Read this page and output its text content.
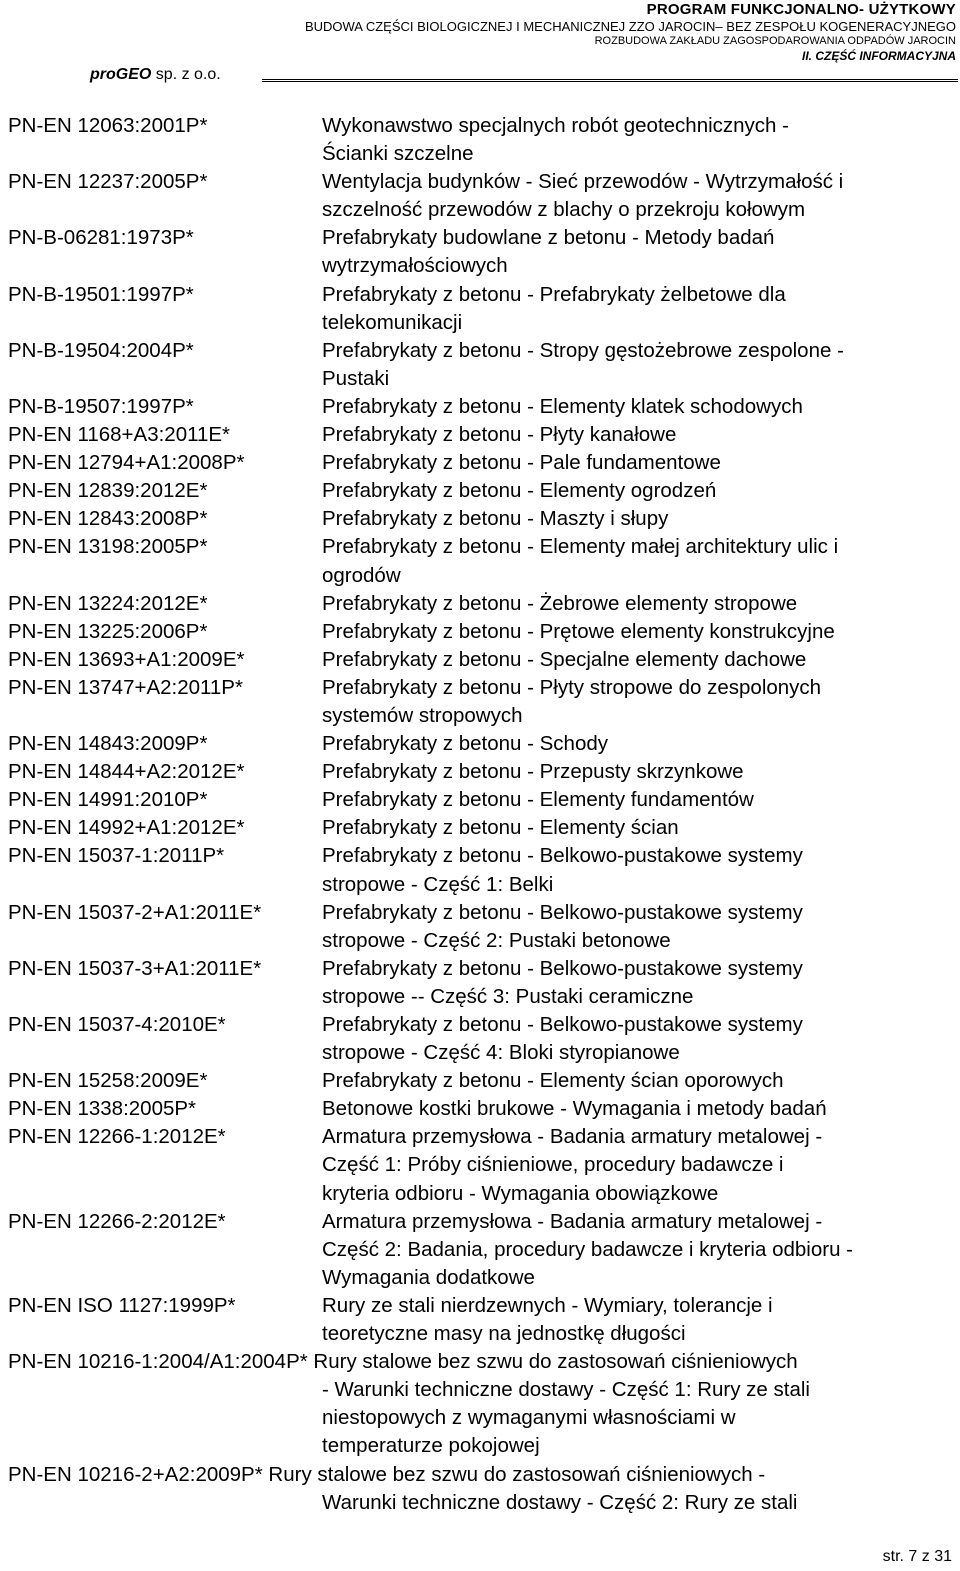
PROGRAM FUNKCJONALNO- UŻYTKOWY
BUDOWA CZĘŚCI BIOLOGICZNEJ I MECHANICZNEJ ZZO JAROCIN– BEZ ZESPOŁU KOGENERACYJNEGO
ROZBUDOWA ZAKŁADU ZAGOSPODAROWANIA ODPADÓW JAROCIN
II. CZĘŚĆ INFORMACYJNA
proGEO sp. z o.o.
PN-EN 12063:2001P*	Wykonawstwo specjalnych robót geotechnicznych -
Ścianki szczelne
PN-EN 12237:2005P*	Wentylacja budynków - Sieć przewodów - Wytrzymałość i
szczelność przewodów z blachy o przekroju kołowym
PN-B-06281:1973P*	Prefabrykaty budowlane z betonu - Metody badań
wytrzymałościowych
PN-B-19501:1997P*	Prefabrykaty z betonu - Prefabrykaty żelbetowe dla
telekomunikacji
PN-B-19504:2004P*	Prefabrykaty z betonu - Stropy gęstożebrowe zespolone -
Pustaki
PN-B-19507:1997P*	Prefabrykaty z betonu - Elementy klatek schodowych
PN-EN 1168+A3:2011E*	Prefabrykaty z betonu - Płyty kanałowe
PN-EN 12794+A1:2008P*	Prefabrykaty z betonu - Pale fundamentowe
PN-EN 12839:2012E*	Prefabrykaty z betonu - Elementy ogrodzeń
PN-EN 12843:2008P*	Prefabrykaty z betonu - Maszty i słupy
PN-EN 13198:2005P*	Prefabrykaty z betonu - Elementy małej architektury ulic i
ogrodów
PN-EN 13224:2012E*	Prefabrykaty z betonu - Żebrowe elementy stropowe
PN-EN 13225:2006P*	Prefabrykaty z betonu - Prętowe elementy konstrukcyjne
PN-EN 13693+A1:2009E*	Prefabrykaty z betonu - Specjalne elementy dachowe
PN-EN 13747+A2:2011P*	Prefabrykaty z betonu - Płyty stropowe do zespolonych
systemów stropowych
PN-EN 14843:2009P*	Prefabrykaty z betonu - Schody
PN-EN 14844+A2:2012E*	Prefabrykaty z betonu - Przepusty skrzynkowe
PN-EN 14991:2010P*	Prefabrykaty z betonu - Elementy fundamentów
PN-EN 14992+A1:2012E*	Prefabrykaty z betonu - Elementy ścian
PN-EN 15037-1:2011P*	Prefabrykaty z betonu - Belkowo-pustakowe systemy
stropowe - Część 1: Belki
PN-EN 15037-2+A1:2011E*	Prefabrykaty z betonu - Belkowo-pustakowe systemy
stropowe - Część 2: Pustaki betonowe
PN-EN 15037-3+A1:2011E*	Prefabrykaty z betonu - Belkowo-pustakowe systemy
stropowe -- Część 3: Pustaki ceramiczne
PN-EN 15037-4:2010E*	Prefabrykaty z betonu - Belkowo-pustakowe systemy
stropowe - Część 4: Bloki styropianowe
PN-EN 15258:2009E*	Prefabrykaty z betonu - Elementy ścian oporowych
PN-EN 1338:2005P*	Betonowe kostki brukowe - Wymagania i metody badań
PN-EN 12266-1:2012E*	Armatura przemysłowa - Badania armatury metalowej -
Część 1: Próby ciśnieniowe, procedury badawcze i
kryteria odbioru - Wymagania obowiązkowe
PN-EN 12266-2:2012E*	Armatura przemysłowa - Badania armatury metalowej -
Część 2: Badania, procedury badawcze i kryteria odbioru -
Wymagania dodatkowe
PN-EN ISO 1127:1999P*	Rury ze stali nierdzewnych - Wymiary, tolerancje i
teoretyczne masy na jednostkę długości
PN-EN 10216-1:2004/A1:2004P* Rury stalowe bez szwu do zastosowań ciśnieniowych
- Warunki techniczne dostawy - Część 1: Rury ze stali
niestopowych z wymaganymi własnościami w
temperaturze pokojowej
PN-EN 10216-2+A2:2009P* Rury stalowe bez szwu do zastosowań ciśnieniowych -
Warunki techniczne dostawy - Część 2: Rury ze stali
str. 7 z 31
